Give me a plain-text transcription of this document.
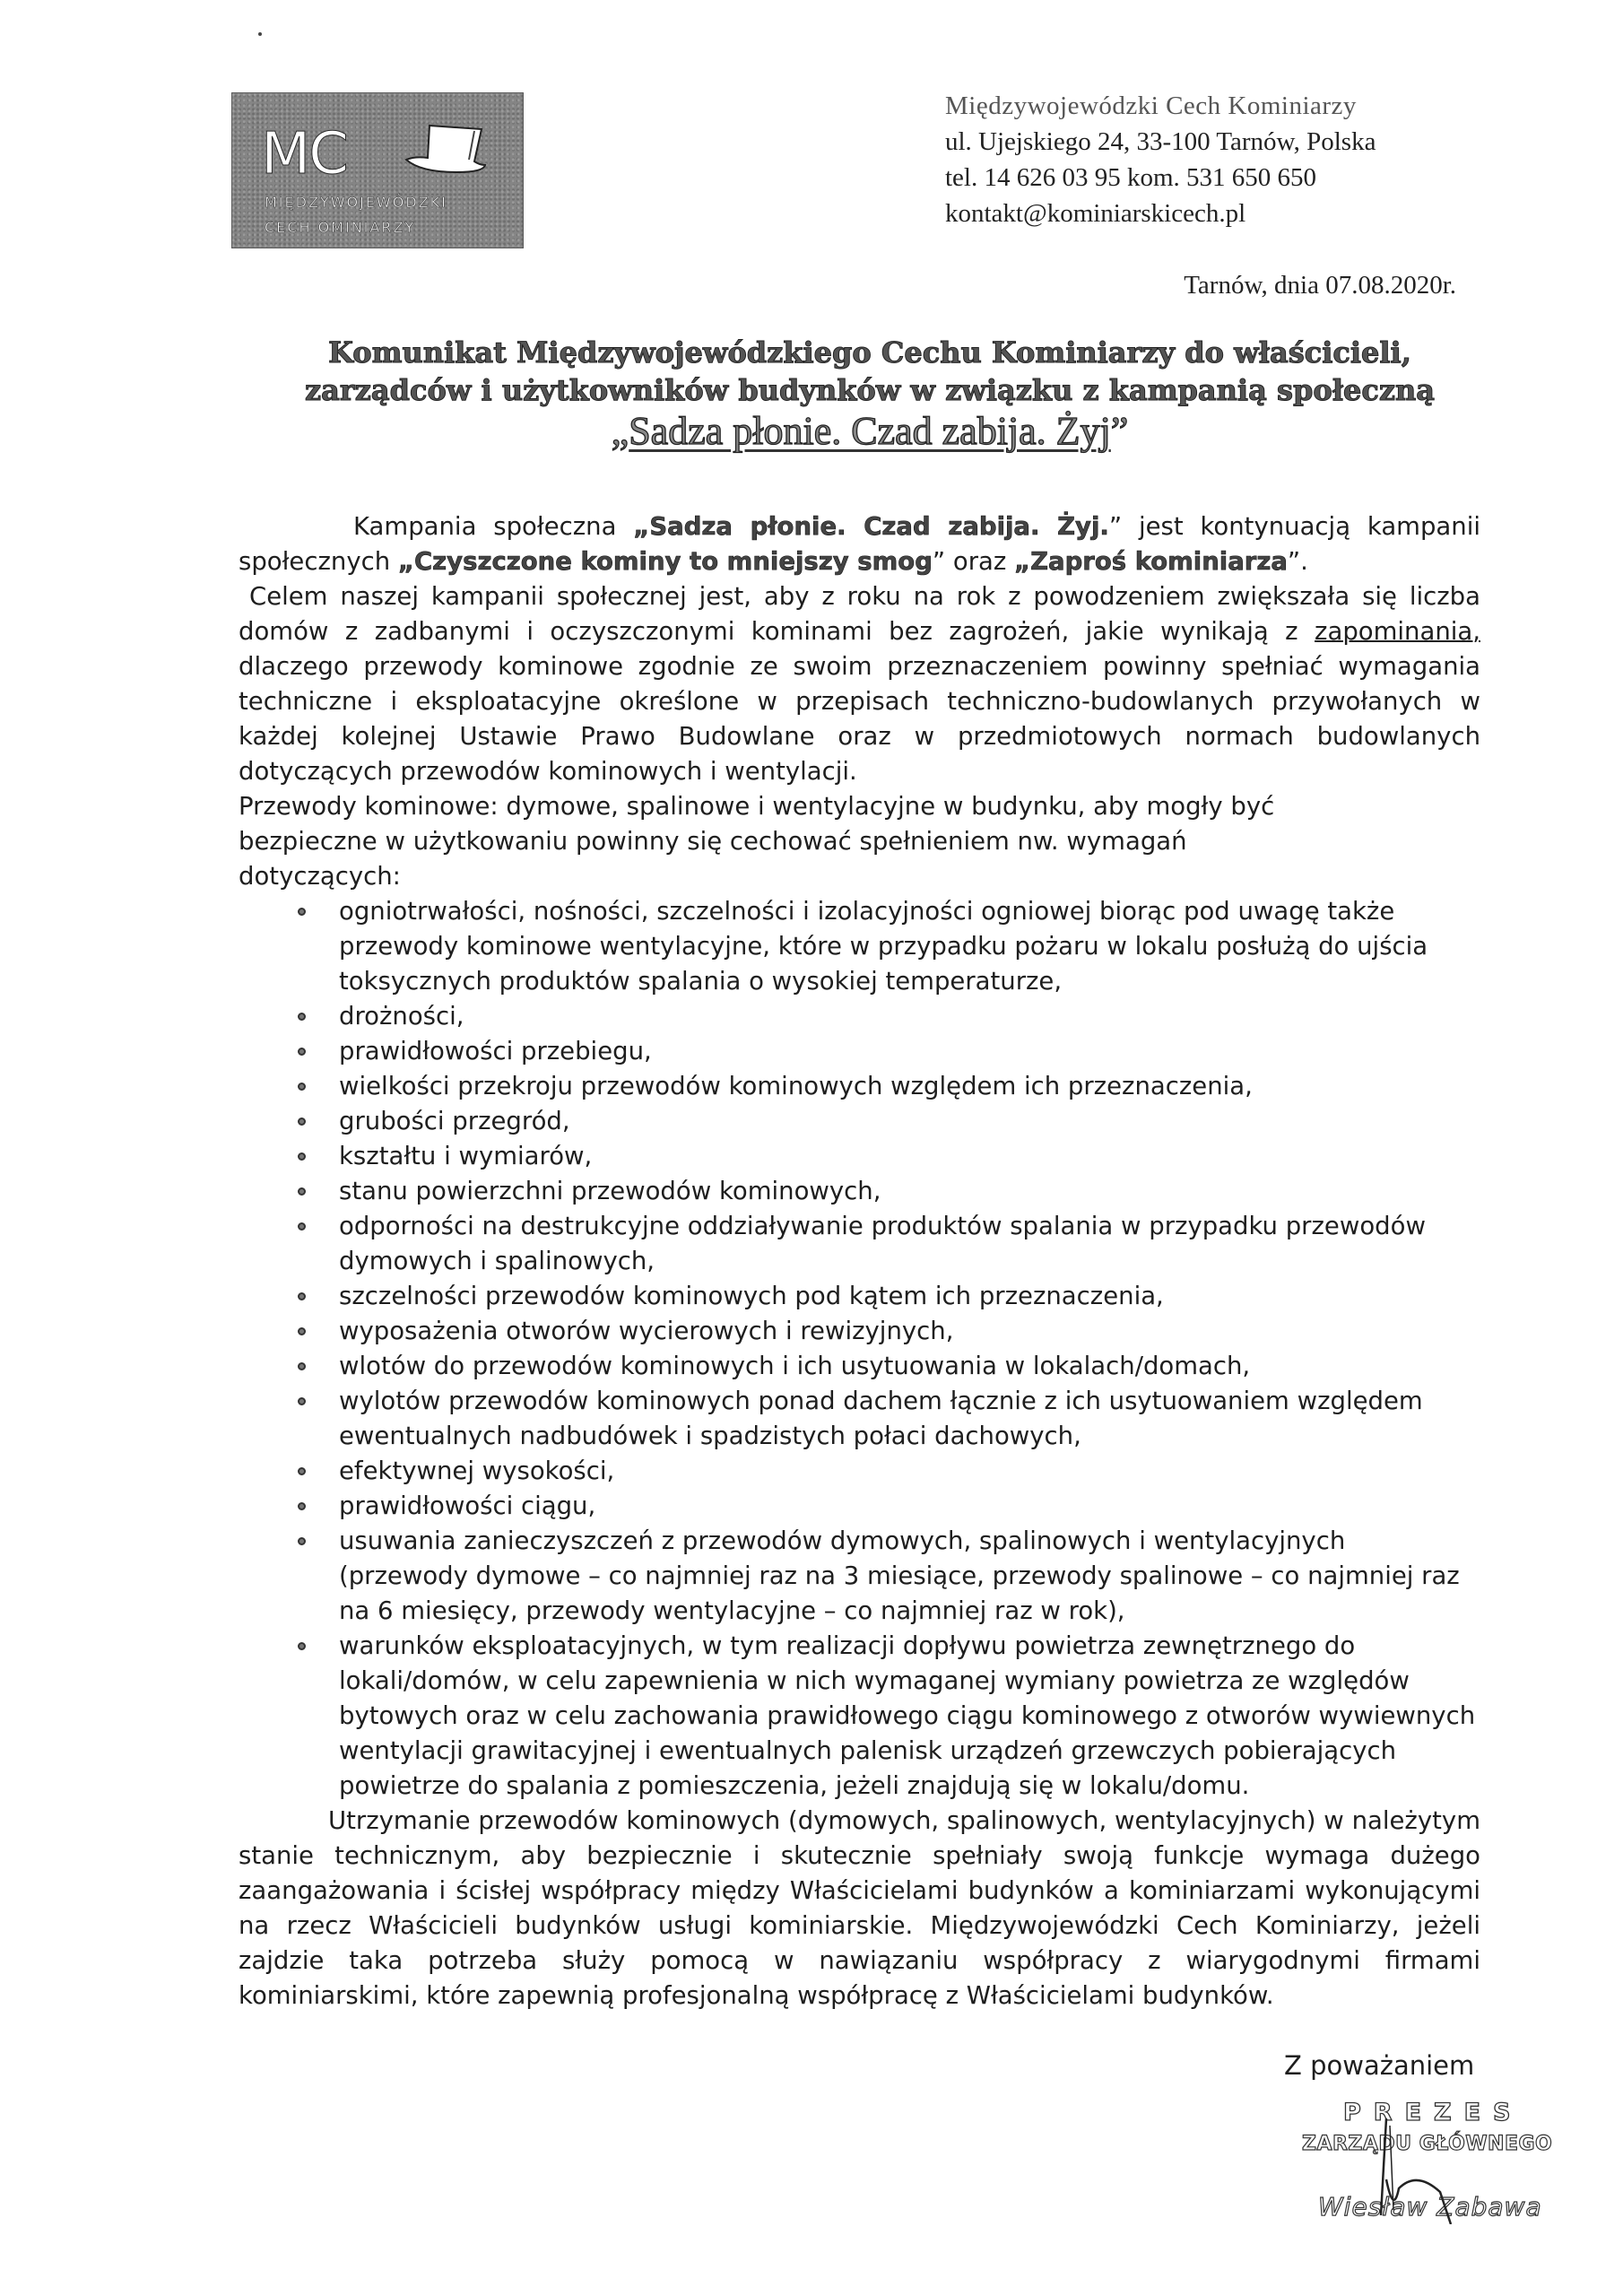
MC
MIĘDZYWOJEWÓDZKI
CECH OMINIARZY
Międzywojewódzki Cech Kominiarzy
ul. Ujejskiego 24, 33-100 Tarnów, Polska
tel. 14 626 03 95 kom. 531 650 650
kontakt@kominiarskicech.pl
Tarnów, dnia 07.08.2020r.
Komunikat Międzywojewódzkiego Cechu Kominiarzy do właścicieli,
zarządców i użytkowników budynków w związku z kampanią społeczną
„Sadza płonie. Czad zabija. Żyj”

Kampania społeczna „Sadza płonie. Czad zabija. Żyj.” jest kontynuacją kampanii społecznych „Czyszczone kominy to mniejszy smog” oraz „Zaproś kominiarza”.

Celem naszej kampanii społecznej jest, aby z roku na rok z powodzeniem zwiększała się liczba domów z zadbanymi i oczyszczonymi kominami bez zagrożeń, jakie wynikają z zapominania, dlaczego przewody kominowe zgodnie ze swoim przeznaczeniem powinny spełniać wymagania techniczne i eksploatacyjne określone w przepisach techniczno-budowlanych przywołanych w każdej kolejnej Ustawie Prawo Budowlane oraz w przedmiotowych normach budowlanych dotyczących przewodów kominowych i wentylacji.

Przewody kominowe: dymowe, spalinowe i wentylacyjne w budynku, aby mogły być bezpieczne w użytkowaniu powinny się cechować spełnieniem nw. wymagań dotyczących:

ogniotrwałości, nośności, szczelności i izolacyjności ogniowej biorąc pod uwagę także przewody kominowe wentylacyjne, które w przypadku pożaru w lokalu posłużą do ujścia toksycznych produktów spalania o wysokiej temperaturze,
drożności,
prawidłowości przebiegu,
wielkości przekroju przewodów kominowych względem ich przeznaczenia,
grubości przegród,
kształtu i wymiarów,
stanu powierzchni przewodów kominowych,
odporności na destrukcyjne oddziaływanie produktów spalania w przypadku przewodów dymowych i spalinowych,
szczelności przewodów kominowych pod kątem ich przeznaczenia,
wyposażenia otworów wycierowych i rewizyjnych,
wlotów do przewodów kominowych i ich usytuowania w lokalach/domach,
wylotów przewodów kominowych ponad dachem łącznie z ich usytuowaniem względem ewentualnych nadbudówek i spadzistych połaci dachowych,
efektywnej wysokości,
prawidłowości ciągu,
usuwania zanieczyszczeń z przewodów dymowych, spalinowych i wentylacyjnych (przewody dymowe – co najmniej raz na 3 miesiące, przewody spalinowe – co najmniej raz na 6 miesięcy, przewody wentylacyjne – co najmniej raz w rok),
warunków eksploatacyjnych, w tym realizacji dopływu powietrza zewnętrznego do lokali/domów, w celu zapewnienia w nich wymaganej wymiany powietrza ze względów bytowych oraz w celu zachowania prawidłowego ciągu kominowego z otworów wywiewnych wentylacji grawitacyjnej i ewentualnych palenisk urządzeń grzewczych pobierających powietrze do spalania z pomieszczenia, jeżeli znajdują się w lokalu/domu.

Utrzymanie przewodów kominowych (dymowych, spalinowych, wentylacyjnych) w należytym stanie technicznym, aby bezpiecznie i skutecznie spełniały swoją funkcje wymaga dużego zaangażowania i ścisłej współpracy między Właścicielami budynków a kominiarzami wykonującymi na rzecz Właścicieli budynków usługi kominiarskie. Międzywojewódzki Cech Kominiarzy, jeżeli zajdzie taka potrzeba służy pomocą w nawiązaniu współpracy z wiarygodnymi firmami kominiarskimi, które zapewnią profesjonalną współpracę z Właścicielami budynków.

Z poważaniem
PREZES
ZARZĄDU GŁÓWNEGO
Wiesław Zabawa
